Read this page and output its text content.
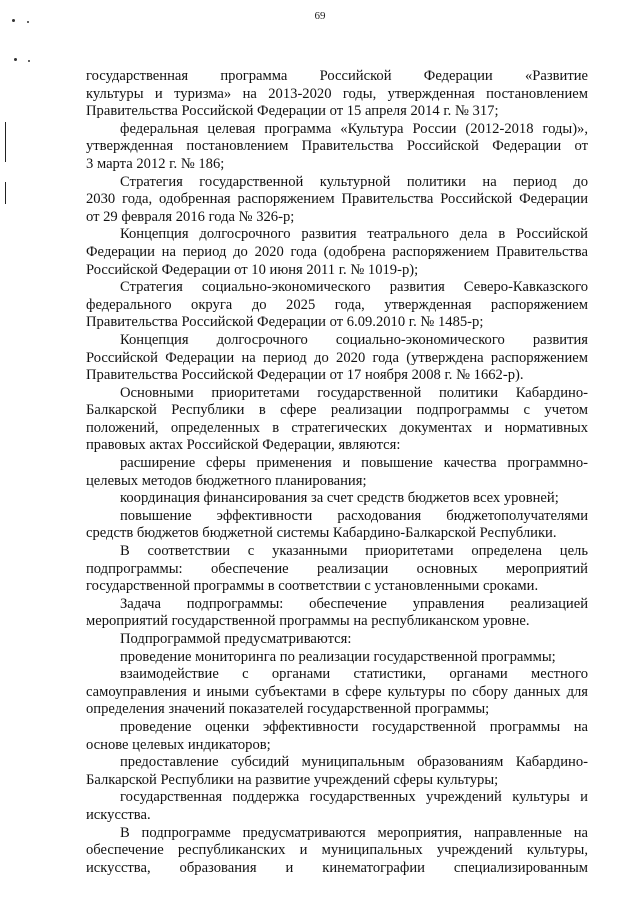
69
государственная программа Российской Федерации «Развитие
культуры и туризма» на 2013-2020 годы, утвержденная постановлением
Правительства Российской Федерации от 15 апреля 2014 г. № 317;
федеральная целевая программа «Культура России (2012-2018 годы)»,
утвержденная постановлением Правительства Российской Федерации от
3 марта 2012 г. № 186;
Стратегия государственной культурной политики на период до
2030 года, одобренная распоряжением Правительства Российской Федерации
от 29 февраля 2016 года № 326-р;
Концепция долгосрочного развития театрального дела в Российской
Федерации на период до 2020 года (одобрена распоряжением Правительства
Российской Федерации от 10 июня 2011 г. № 1019-р);
Стратегия социально-экономического развития Северо-Кавказского
федерального округа до 2025 года, утвержденная распоряжением
Правительства Российской Федерации от 6.09.2010 г. № 1485-р;
Концепция долгосрочного социально-экономического развития
Российской Федерации на период до 2020 года (утверждена распоряжением
Правительства Российской Федерации от 17 ноября 2008 г. № 1662-р).
Основными приоритетами государственной политики Кабардино-
Балкарской Республики в сфере реализации подпрограммы с учетом
положений, определенных в стратегических документах и нормативных
правовых актах Российской Федерации, являются:
расширение сферы применения и повышение качества программно-
целевых методов бюджетного планирования;
координация финансирования за счет средств бюджетов всех уровней;
повышение эффективности расходования бюджетополучателями
средств бюджетов бюджетной системы Кабардино-Балкарской Республики.
В соответствии с указанными приоритетами определена цель
подпрограммы: обеспечение реализации основных мероприятий
государственной программы в соответствии с установленными сроками.
Задача подпрограммы: обеспечение управления реализацией
мероприятий государственной программы на республиканском уровне.
Подпрограммой предусматриваются:
проведение мониторинга по реализации государственной программы;
взаимодействие с органами статистики, органами местного
самоуправления и иными субъектами в сфере культуры по сбору данных для
определения значений показателей государственной программы;
проведение оценки эффективности государственной программы на
основе целевых индикаторов;
предоставление субсидий муниципальным образованиям Кабардино-
Балкарской Республики на развитие учреждений сферы культуры;
государственная поддержка государственных учреждений культуры и
искусства.
В подпрограмме предусматриваются мероприятия, направленные на
обеспечение республиканских и муниципальных учреждений культуры,
искусства, образования и кинематографии специализированным
